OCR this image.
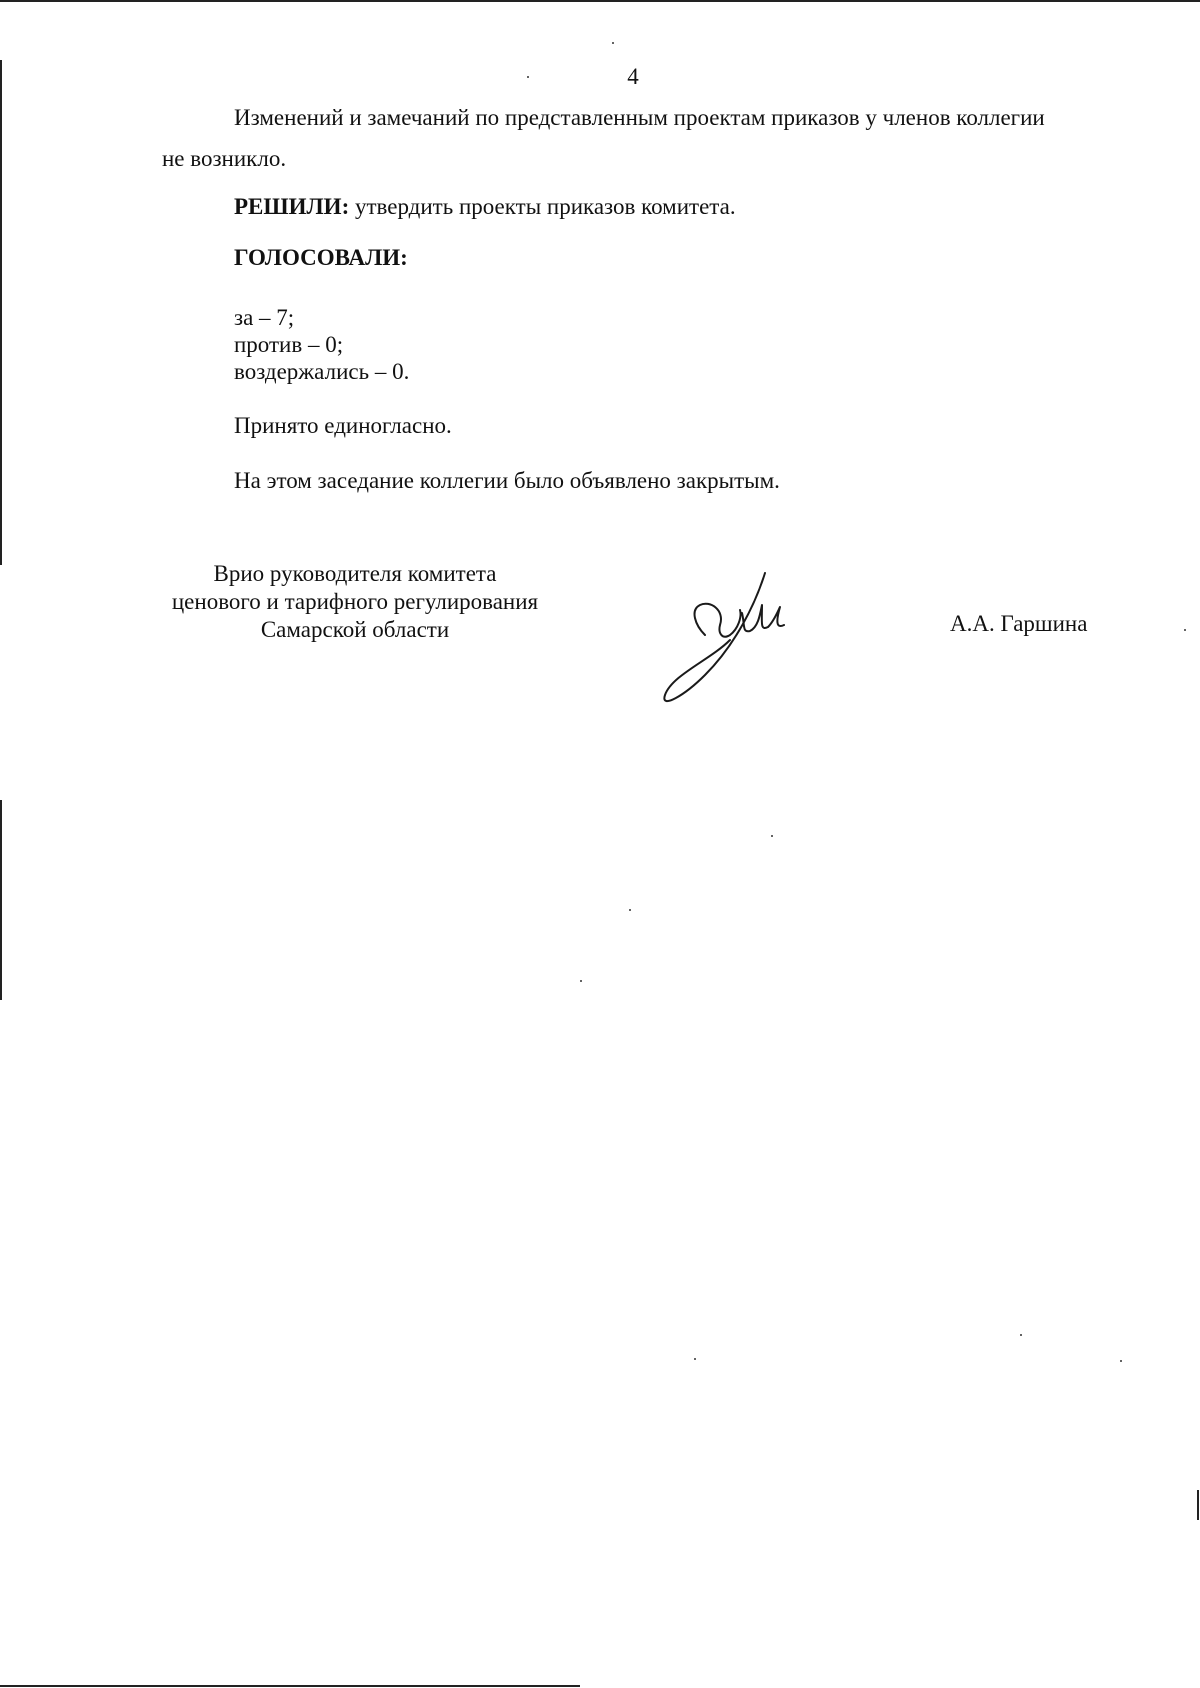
4
Изменений и замечаний по представленным проектам приказов у членов коллегии
не возникло.
РЕШИЛИ: утвердить проекты приказов комитета.
ГОЛОСОВАЛИ:
за – 7;
против – 0;
воздержались – 0.
Принято единогласно.
На этом заседание коллегии было объявлено закрытым.
Врио руководителя комитета
ценового и тарифного регулирования
Самарской области	А.А. Гаршина
